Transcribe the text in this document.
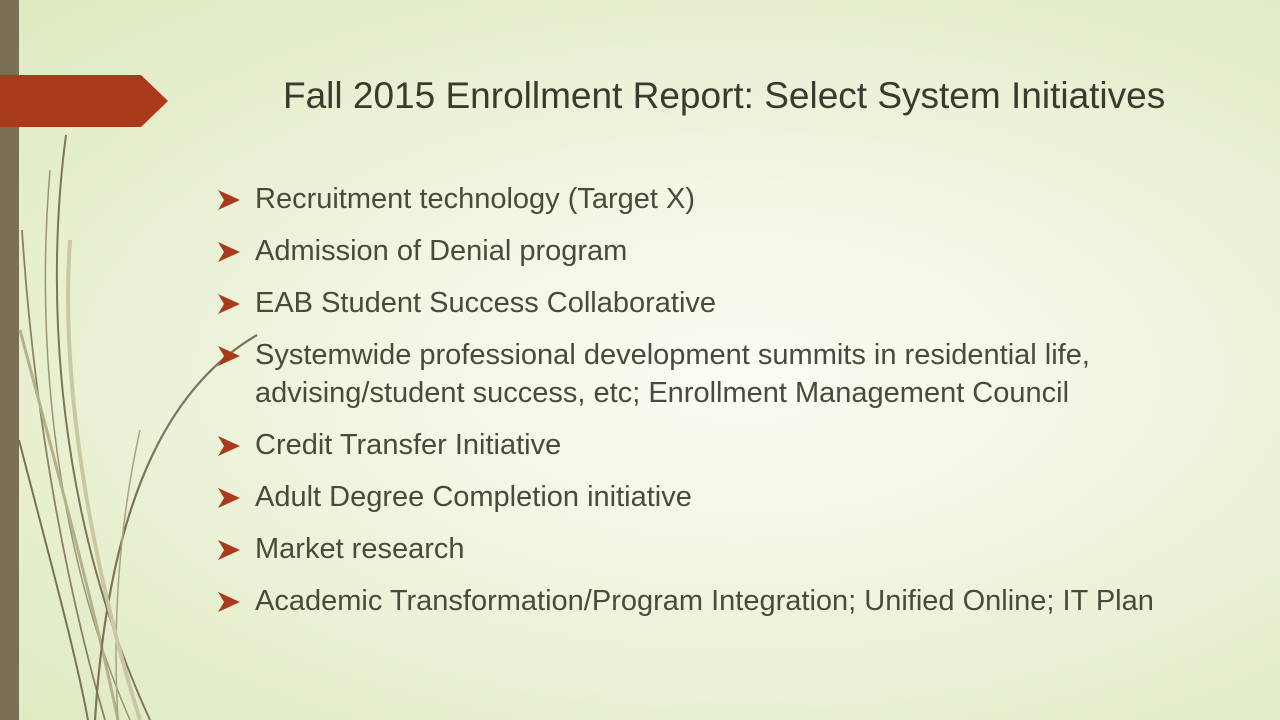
Fall 2015 Enrollment Report: Select System Initiatives
Recruitment technology (Target X)
Admission of Denial program
EAB Student Success Collaborative
Systemwide professional development summits in residential life, advising/student success, etc; Enrollment Management Council
Credit Transfer Initiative
Adult Degree Completion initiative
Market research
Academic Transformation/Program Integration; Unified Online; IT Plan
